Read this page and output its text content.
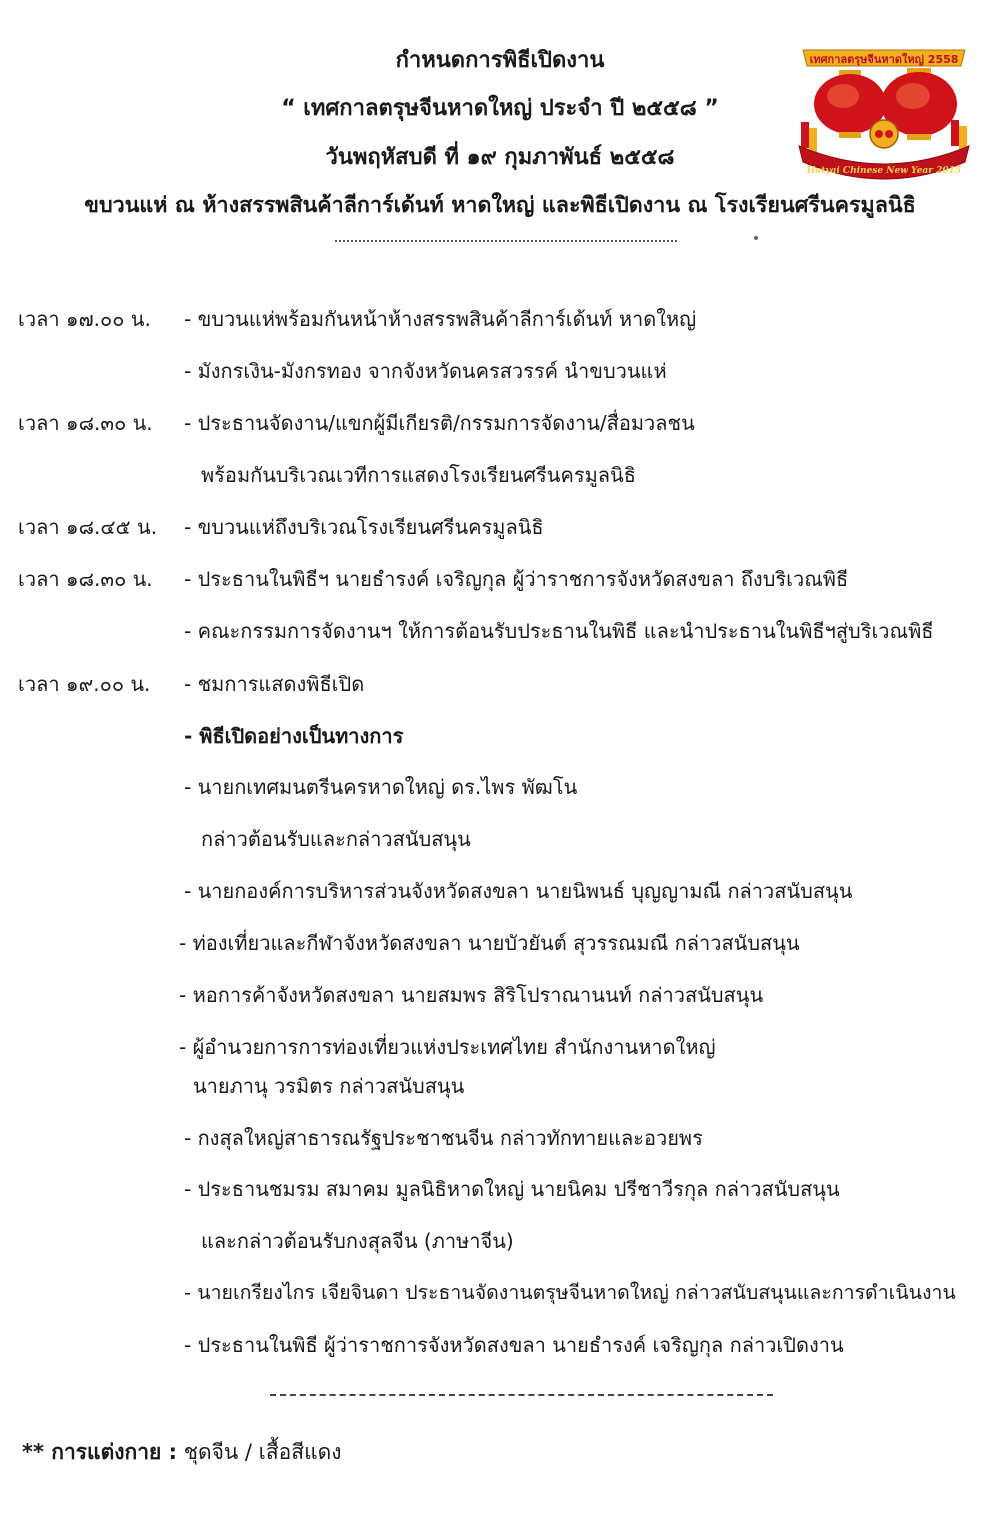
กำหนดการพิธีเปิดงาน
“ เทศกาลตรุษจีนหาดใหญ่ ประจำ ปี ๒๕๕๘ ”
วันพฤหัสบดี ที่ ๑๙ กุมภาพันธ์ ๒๕๕๘
ขบวนแห่ ณ ห้างสรรพสินค้าลีการ์เด้นท์ หาดใหญ่ และพิธีเปิดงาน ณ โรงเรียนศรีนครมูลนิธิ
เทศกาลตรุษจีนหาดใหญ่ 2558
Hatyai Chinese New Year 2015
เวลา ๑๗.๐๐ น. - ขบวนแห่พร้อมกันหน้าห้างสรรพสินค้าลีการ์เด้นท์ หาดใหญ่
- มังกรเงิน-มังกรทอง จากจังหวัดนครสวรรค์ นำขบวนแห่
เวลา ๑๘.๓๐ น. - ประธานจัดงาน/แขกผู้มีเกียรติ/กรรมการจัดงาน/สื่อมวลชน
พร้อมกันบริเวณเวทีการแสดงโรงเรียนศรีนครมูลนิธิ
เวลา ๑๘.๔๕ น. - ขบวนแห่ถึงบริเวณโรงเรียนศรีนครมูลนิธิ
เวลา ๑๘.๓๐ น. - ประธานในพิธีฯ นายธำรงค์ เจริญกุล ผู้ว่าราชการจังหวัดสงขลา ถึงบริเวณพิธี
- คณะกรรมการจัดงานฯ ให้การต้อนรับประธานในพิธี และนำประธานในพิธีฯสู่บริเวณพิธี
เวลา ๑๙.๐๐ น. - ชมการแสดงพิธีเปิด
- พิธีเปิดอย่างเป็นทางการ
- นายกเทศมนตรีนครหาดใหญ่ ดร.ไพร พัฒโน
กล่าวต้อนรับและกล่าวสนับสนุน
- นายกองค์การบริหารส่วนจังหวัดสงขลา นายนิพนธ์ บุญญามณี กล่าวสนับสนุน
- ท่องเที่ยวและกีฬาจังหวัดสงขลา นายบัวยันต์ สุวรรณมณี กล่าวสนับสนุน
- หอการค้าจังหวัดสงขลา นายสมพร สิริโปราณานนท์ กล่าวสนับสนุน
- ผู้อำนวยการการท่องเที่ยวแห่งประเทศไทย สำนักงานหาดใหญ่
นายภานุ วรมิตร กล่าวสนับสนุน
- กงสุลใหญ่สาธารณรัฐประชาชนจีน กล่าวทักทายและอวยพร
- ประธานชมรม สมาคม มูลนิธิหาดใหญ่ นายนิคม ปรีชาวีรกุล กล่าวสนับสนุน
และกล่าวต้อนรับกงสุลจีน (ภาษาจีน)
- นายเกรียงไกร เจียจินดา ประธานจัดงานตรุษจีนหาดใหญ่ กล่าวสนับสนุนและการดำเนินงาน
- ประธานในพิธี ผู้ว่าราชการจังหวัดสงขลา นายธำรงค์ เจริญกุล กล่าวเปิดงาน
** การแต่งกาย : ชุดจีน / เสื้อสีแดง
